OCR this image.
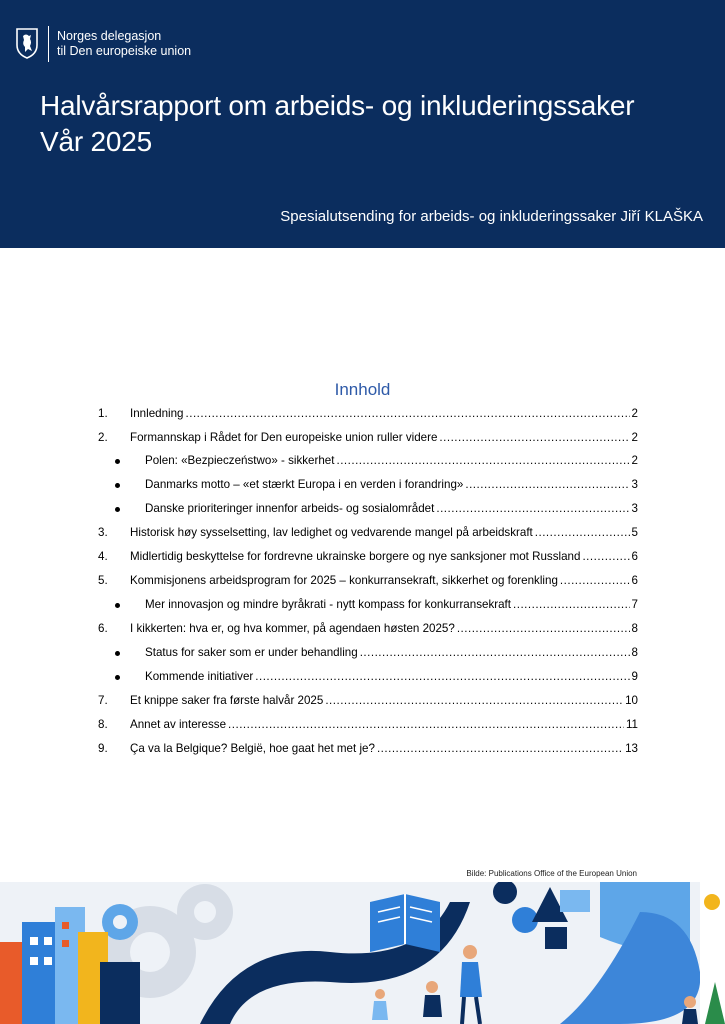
Norges delegasjon
til Den europeiske union
Halvårsrapport om arbeids- og inkluderingssaker
Vår 2025
Spesialutsending for arbeids- og inkluderingssaker Jiří KLAŠKA
Innhold
1.	Innledning .....	2
2.	Formannskap i Rådet for Den europeiske union ruller videre .....	2
Polen: «Bezpieczeństwo» - sikkerhet .....	2
Danmarks motto – «et stærkt Europa i en verden i forandring» .....	3
Danske prioriteringer innenfor arbeids- og sosialområdet .....	3
3.	Historisk høy sysselsetting, lav ledighet og vedvarende mangel på arbeidskraft .....	5
4.	Midlertidig beskyttelse for fordrevne ukrainske borgere og nye sanksjoner mot Russland .....	6
5.	Kommisjonens arbeidsprogram for 2025 – konkurransekraft, sikkerhet og forenkling .....	6
Mer innovasjon og mindre byråkrati - nytt kompass for konkurransekraft .....	7
6.	I kikkerten: hva er, og hva kommer, på agendaen høsten 2025? .....	8
Status for saker som er under behandling .....	8
Kommende initiativer .....	9
7.	Et knippe saker fra første halvår 2025 .....	10
8.	Annet av interesse .....	11
9.	Ça va la Belgique? België, hoe gaat het met je? .....	13
Bilde: Publications Office of the European Union
